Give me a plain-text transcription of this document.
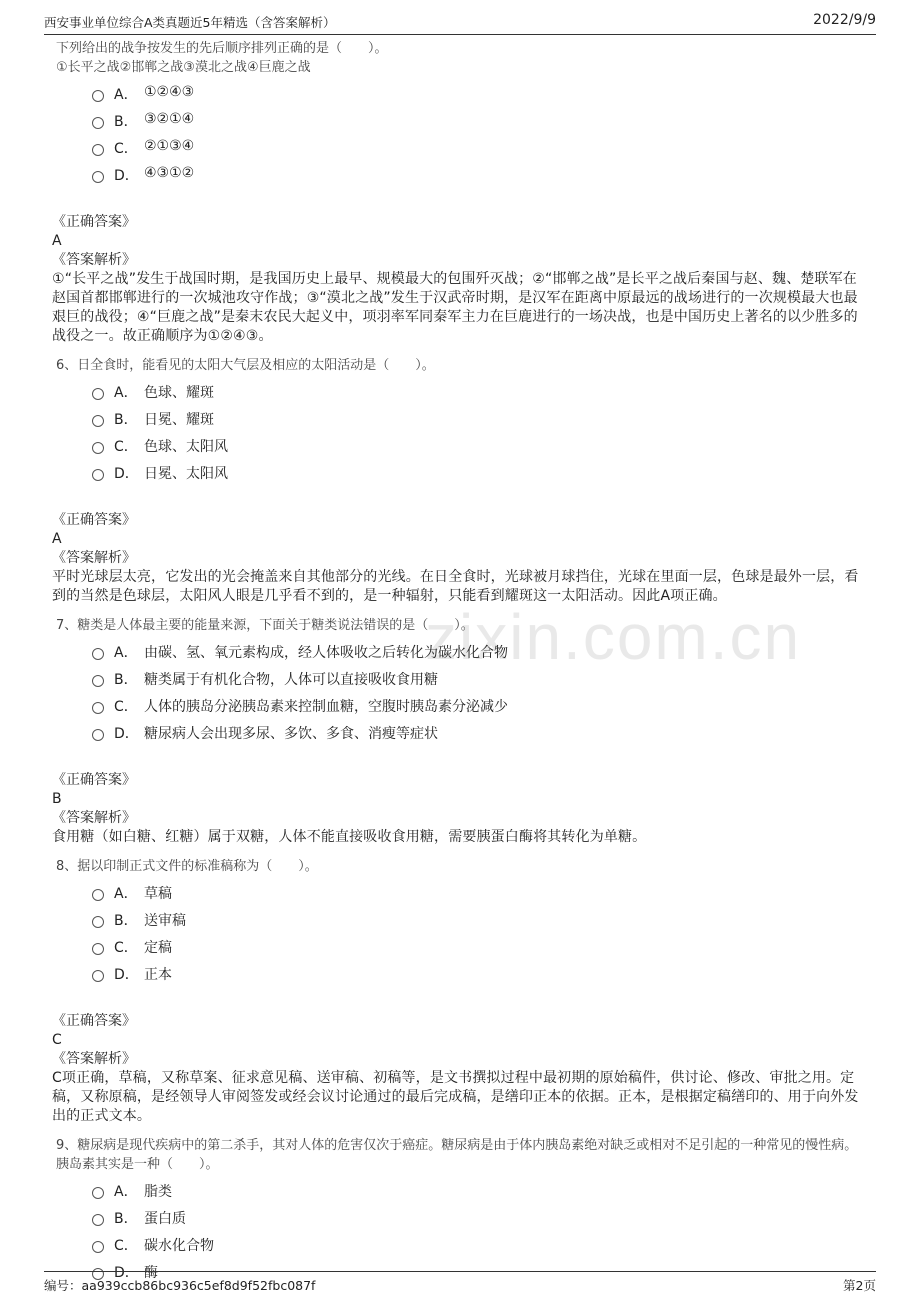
西安事业单位综合A类真题近5年精选（含答案解析）	2022/9/9
zixin.com.cn

下列给出的战争按发生的先后顺序排列正确的是（　　）。

①长平之战②邯郸之战③漠北之战④巨鹿之战

A． ①②④③
B． ③②①④
C． ②①③④
D． ④③①②

《正确答案》

A

《答案解析》

①“长平之战”发生于战国时期，是我国历史上最早、规模最大的包围歼灭战；②“邯郸之战”是长平之战后秦国与赵、魏、楚联军在赵国首都邯郸进行的一次城池攻守作战；③“漠北之战”发生于汉武帝时期，是汉军在距离中原最远的战场进行的一次规模最大也最艰巨的战役；④“巨鹿之战”是秦末农民大起义中，项羽率军同秦军主力在巨鹿进行的一场决战，也是中国历史上著名的以少胜多的战役之一。故正确顺序为①②④③。

6、日全食时，能看见的太阳大气层及相应的太阳活动是（　　）。

A． 色球、耀斑
B． 日冕、耀斑
C． 色球、太阳风
D． 日冕、太阳风

《正确答案》

A

《答案解析》

平时光球层太亮，它发出的光会掩盖来自其他部分的光线。在日全食时，光球被月球挡住，光球在里面一层，色球是最外一层，看到的当然是色球层，太阳风人眼是几乎看不到的，是一种辐射，只能看到耀斑这一太阳活动。因此A项正确。

7、糖类是人体最主要的能量来源，下面关于糖类说法错误的是（　　）。

A． 由碳、氢、氧元素构成，经人体吸收之后转化为碳水化合物
B． 糖类属于有机化合物，人体可以直接吸收食用糖
C． 人体的胰岛分泌胰岛素来控制血糖，空腹时胰岛素分泌减少
D． 糖尿病人会出现多尿、多饮、多食、消瘦等症状

《正确答案》

B

《答案解析》

食用糖（如白糖、红糖）属于双糖，人体不能直接吸收食用糖，需要胰蛋白酶将其转化为单糖。

8、据以印制正式文件的标准稿称为（　　）。

A． 草稿
B． 送审稿
C． 定稿
D． 正本

《正确答案》

C

《答案解析》

C项正确，草稿，又称草案、征求意见稿、送审稿、初稿等，是文书撰拟过程中最初期的原始稿件，供讨论、修改、审批之用。定稿，又称原稿，是经领导人审阅签发或经会议讨论通过的最后完成稿，是缮印正本的依据。正本，是根据定稿缮印的、用于向外发出的正式文本。

9、糖尿病是现代疾病中的第二杀手，其对人体的危害仅次于癌症。糖尿病是由于体内胰岛素绝对缺乏或相对不足引起的一种常见的慢性病。胰岛素其实是一种（　　）。

A． 脂类
B． 蛋白质
C． 碳水化合物
D． 酶
编号：aa939ccb86bc936c5ef8d9f52fbc087f	第2页
